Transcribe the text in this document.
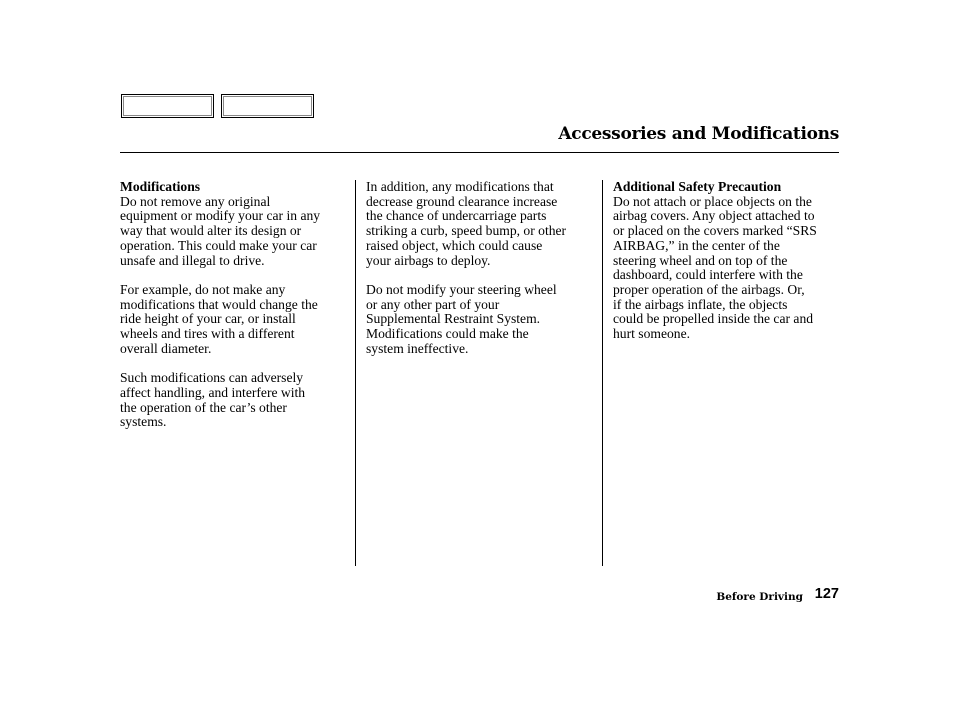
Accessories and Modifications
Modifications

Do not remove any original
equipment or modify your car in any
way that would alter its design or
operation. This could make your car
unsafe and illegal to drive.

For example, do not make any
modifications that would change the
ride height of your car, or install
wheels and tires with a different
overall diameter.

Such modifications can adversely
affect handling, and interfere with
the operation of the car’s other
systems.

In addition, any modifications that
decrease ground clearance increase
the chance of undercarriage parts
striking a curb, speed bump, or other
raised object, which could cause
your airbags to deploy.

Do not modify your steering wheel
or any other part of your
Supplemental Restraint System.
Modifications could make the
system ineffective.

Additional Safety Precaution

Do not attach or place objects on the
airbag covers. Any object attached to
or placed on the covers marked “SRS
AIRBAG,” in the center of the
steering wheel and on top of the
dashboard, could interfere with the
proper operation of the airbags. Or,
if the airbags inflate, the objects
could be propelled inside the car and
hurt someone.

Before Driving 127
